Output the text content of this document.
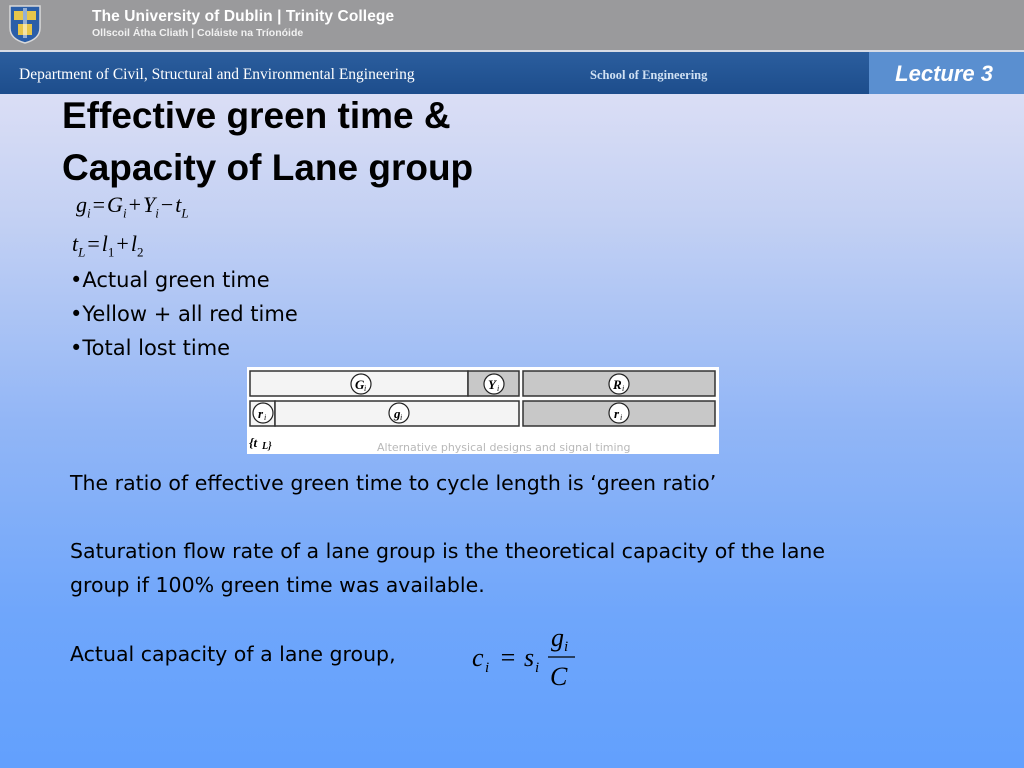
The University of Dublin | Trinity College
Ollscoil Átha Cliath | Coláiste na Tríonóide
Department of Civil, Structural and Environmental Engineering	School of Engineering	Lecture 3
Effective green time &
Capacity of Lane group
$g_i=G_i+Y_i-t_L$
$t_L=l_1+l_2$
•Actual green time
•Yellow + all red time
•Total lost time
Alternative physical designs and signal timing
G i	Y i	R i
r i	g i	r i
{t L}
The ratio of effective green time to cycle length is ‘green ratio’
Saturation flow rate of a lane group is the theoretical capacity of the lane
group if 100% green time was available.
Actual capacity of a lane group,	c i = s i
g i
C
